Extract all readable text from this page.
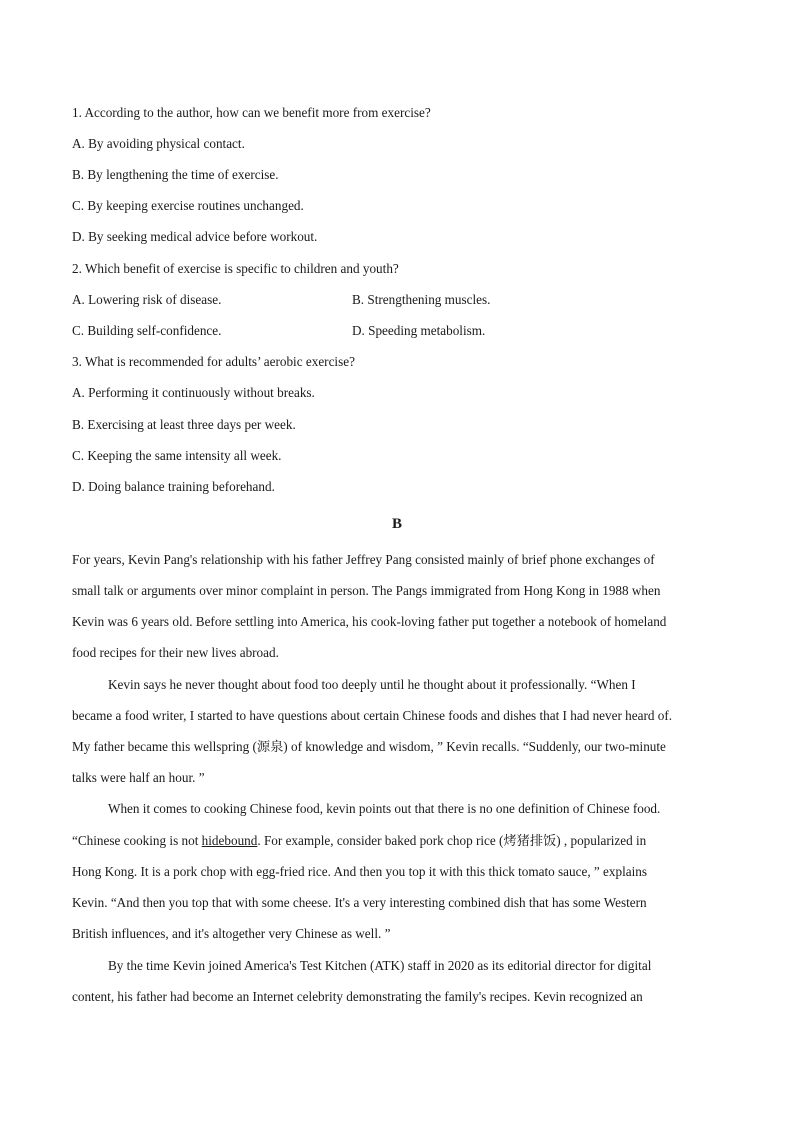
1. According to the author, how can we benefit more from exercise?
A. By avoiding physical contact.
B. By lengthening the time of exercise.
C. By keeping exercise routines unchanged.
D. By seeking medical advice before workout.
2. Which benefit of exercise is specific to children and youth?
A. Lowering risk of disease.	B. Strengthening muscles.
C. Building self-confidence.	D. Speeding metabolism.
3. What is recommended for adults’ aerobic exercise?
A. Performing it continuously without breaks.
B. Exercising at least three days per week.
C. Keeping the same intensity all week.
D. Doing balance training beforehand.
B
For years, Kevin Pang's relationship with his father Jeffrey Pang consisted mainly of brief phone exchanges of
small talk or arguments over minor complaint in person. The Pangs immigrated from Hong Kong in 1988 when
Kevin was 6 years old. Before settling into America, his cook-loving father put together a notebook of homeland
food recipes for their new lives abroad.
Kevin says he never thought about food too deeply until he thought about it professionally. “When I
became a food writer, I started to have questions about certain Chinese foods and dishes that I had never heard of.
My father became this wellspring (源泉) of knowledge and wisdom, ” Kevin recalls. “Suddenly, our two-minute
talks were half an hour. ”
When it comes to cooking Chinese food, kevin points out that there is no one definition of Chinese food.
“Chinese cooking is not hidebound. For example, consider baked pork chop rice (烤猪排饭) , popularized in
Hong Kong. It is a pork chop with egg-fried rice. And then you top it with this thick tomato sauce, ” explains
Kevin. “And then you top that with some cheese. It's a very interesting combined dish that has some Western
British influences, and it's altogether very Chinese as well. ”
By the time Kevin joined America's Test Kitchen (ATK) staff in 2020 as its editorial director for digital
content, his father had become an Internet celebrity demonstrating the family's recipes. Kevin recognized an
